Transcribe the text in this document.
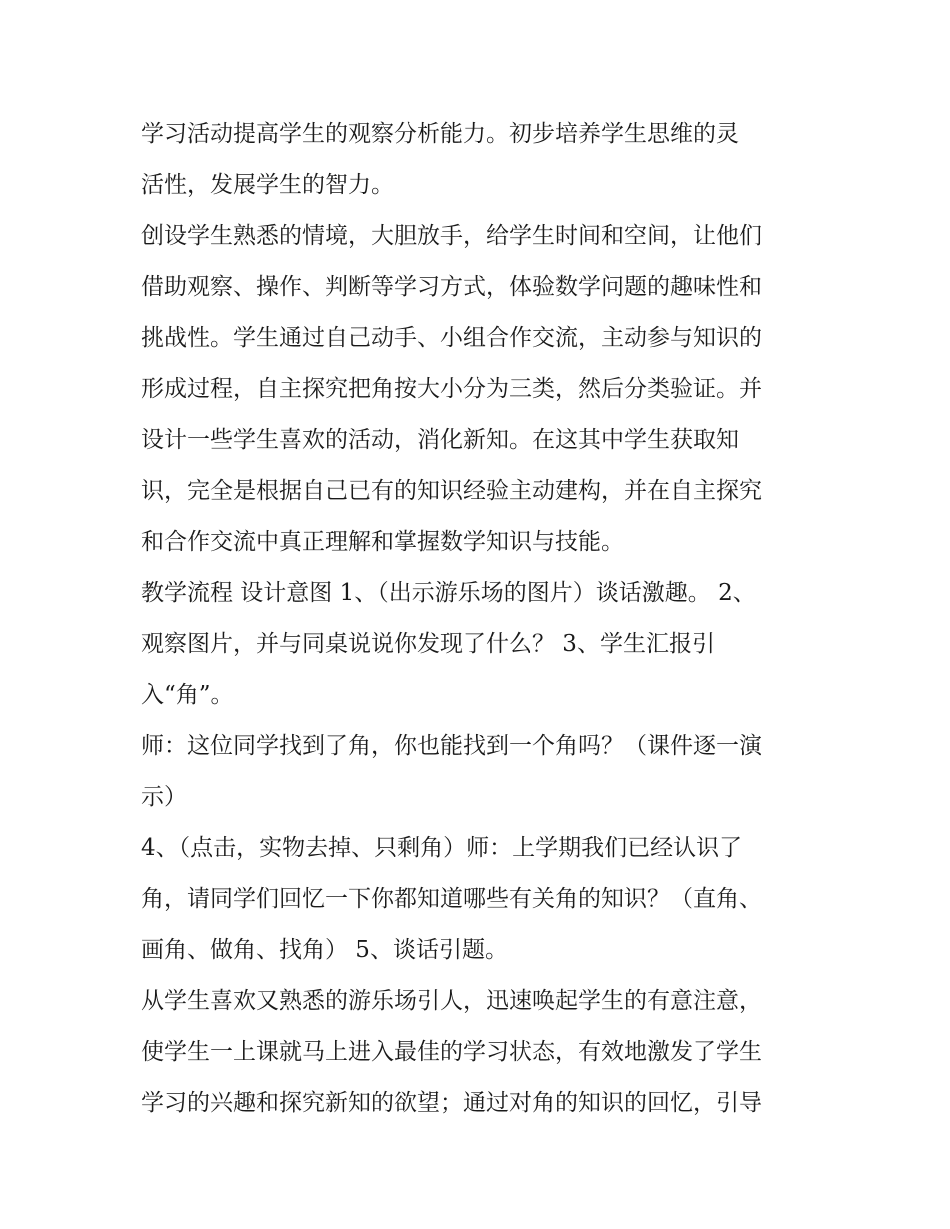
学习活动提高学生的观察分析能力。初步培养学生思维的灵
活性，发展学生的智力。
创设学生熟悉的情境，大胆放手，给学生时间和空间，让他们
借助观察、操作、判断等学习方式，体验数学问题的趣味性和
挑战性。学生通过自己动手、小组合作交流，主动参与知识的
形成过程，自主探究把角按大小分为三类，然后分类验证。并
设计一些学生喜欢的活动，消化新知。在这其中学生获取知
识，完全是根据自己已有的知识经验主动建构，并在自主探究
和合作交流中真正理解和掌握数学知识与技能。
教学流程 设计意图 1、（出示游乐场的图片）谈话激趣。 2、
观察图片，并与同桌说说你发现了什么？ 3、学生汇报引
入“角”。
师：这位同学找到了角，你也能找到一个角吗？（课件逐一演
示）
4、（点击，实物去掉、只剩角）师：上学期我们已经认识了
角，请同学们回忆一下你都知道哪些有关角的知识？（直角、
画角、做角、找角） 5、谈话引题。
从学生喜欢又熟悉的游乐场引人，迅速唤起学生的有意注意，
使学生一上课就马上进入最佳的学习状态，有效地激发了学生
学习的兴趣和探究新知的欲望；通过对角的知识的回忆，引导
